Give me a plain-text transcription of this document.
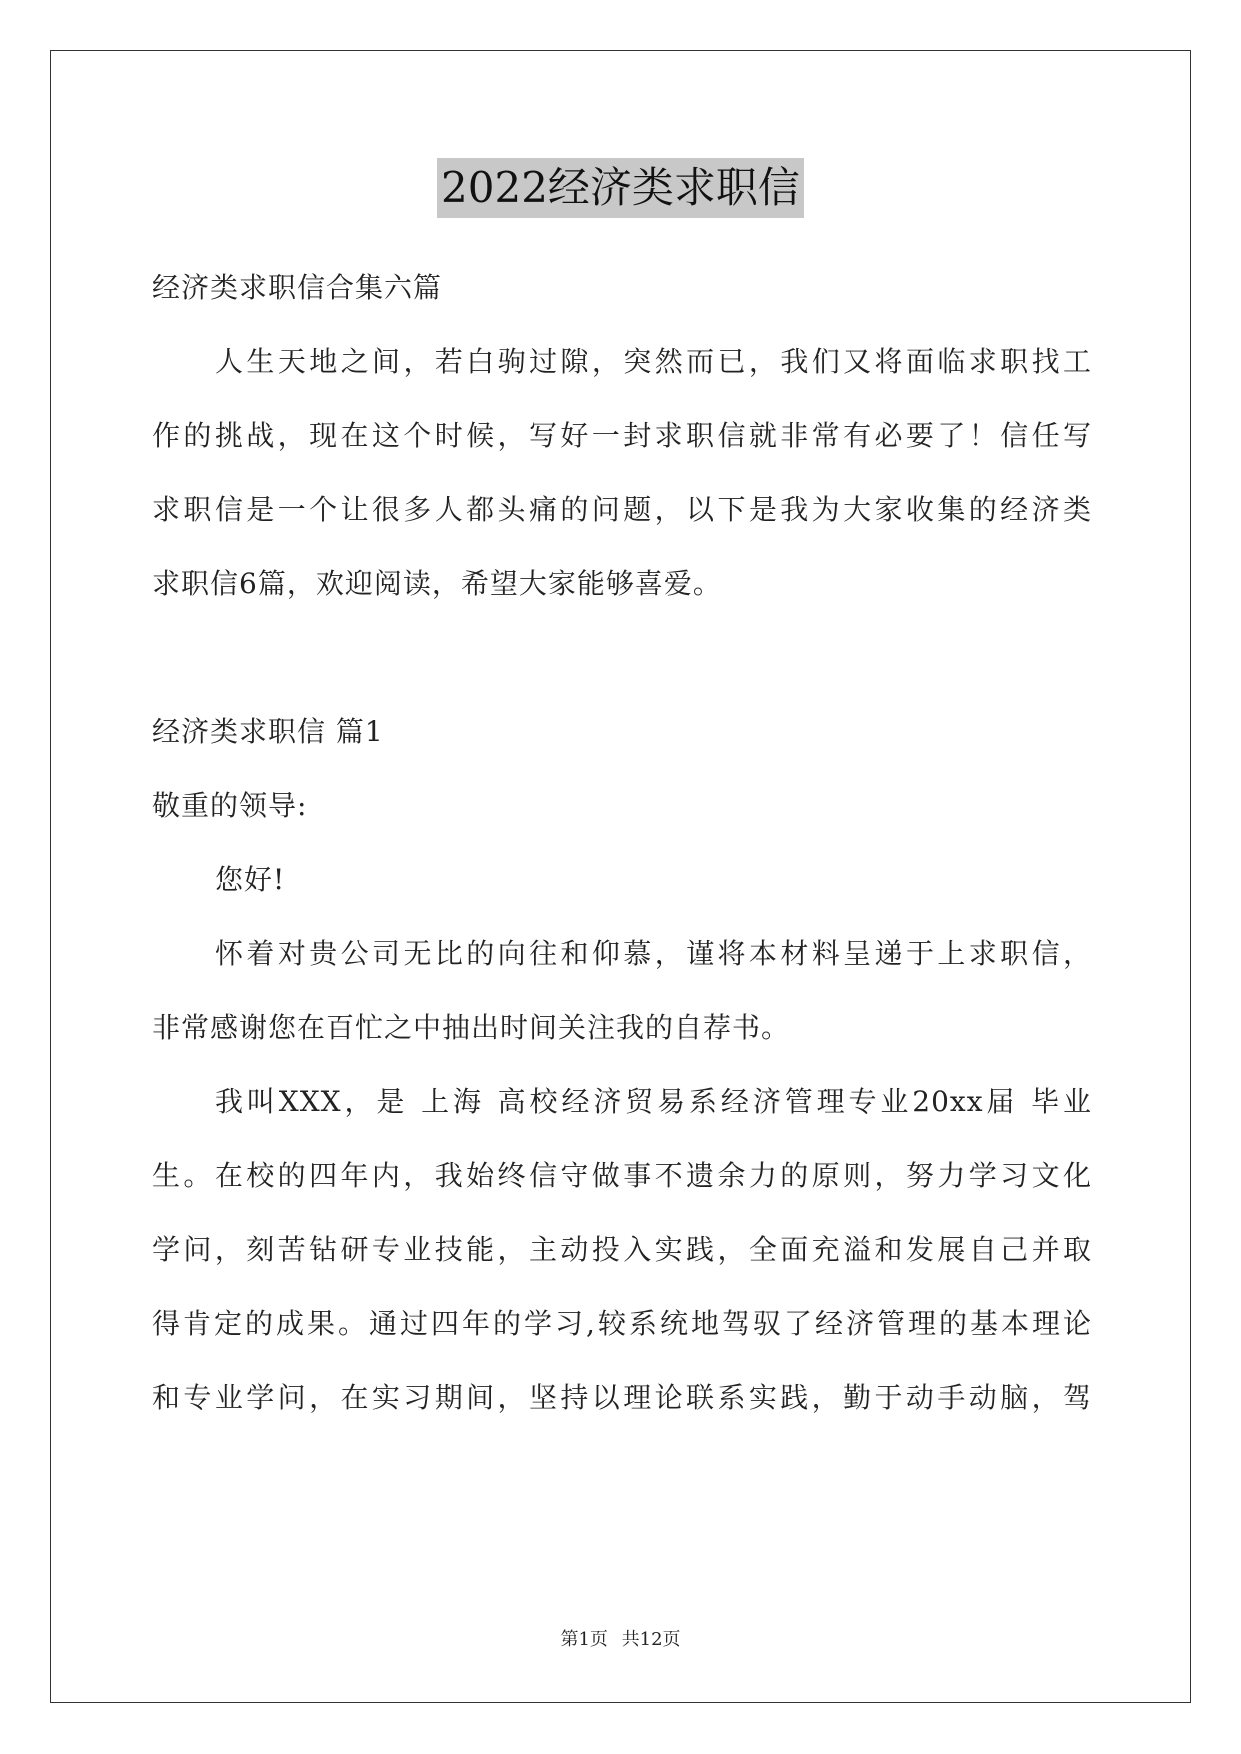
2022经济类求职信
经济类求职信合集六篇
人生天地之间，若白驹过隙，突然而已，我们又将面临求职找工
作的挑战，现在这个时候，写好一封求职信就非常有必要了！信任写
求职信是一个让很多人都头痛的问题，以下是我为大家收集的经济类
求职信6篇，欢迎阅读，希望大家能够喜爱。
经济类求职信 篇1
敬重的领导:
您好!
怀着对贵公司无比的向往和仰慕，谨将本材料呈递于上求职信，
非常感谢您在百忙之中抽出时间关注我的自荐书。
我叫XXX，是 上海 高校经济贸易系经济管理专业20xx届 毕业
生。在校的四年内，我始终信守做事不遗余力的原则，努力学习文化
学问，刻苦钻研专业技能，主动投入实践，全面充溢和发展自己并取
得肯定的成果。通过四年的学习,较系统地驾驭了经济管理的基本理论
和专业学问，在实习期间，坚持以理论联系实践，勤于动手动脑，驾
第1页 共12页
